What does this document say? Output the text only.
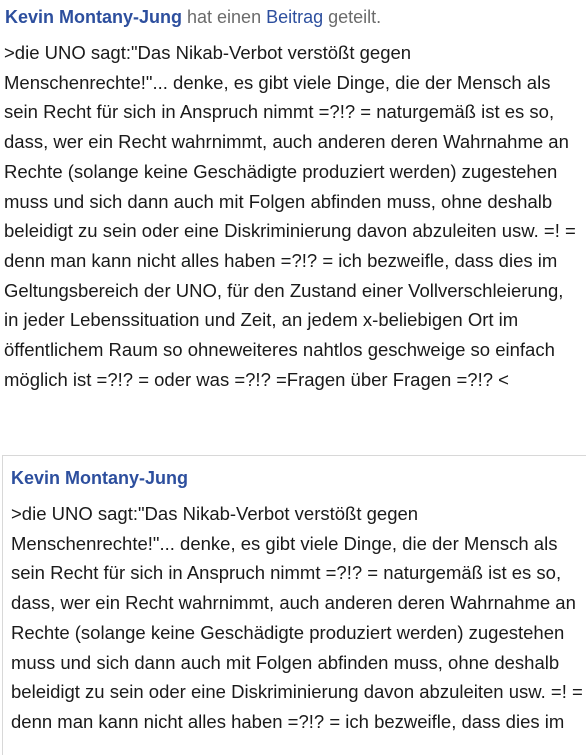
Kevin Montany-Jung hat einen Beitrag geteilt.

>die UNO sagt:"Das Nikab-Verbot verstößt gegen Menschenrechte!"... denke, es gibt viele Dinge, die der Mensch als sein Recht für sich in Anspruch nimmt =?!? = naturgemäß ist es so, dass, wer ein Recht wahrnimmt, auch anderen deren Wahrnahme an Rechte (solange keine Geschädigte produziert werden) zugestehen muss und sich dann auch mit Folgen abfinden muss, ohne deshalb beleidigt zu sein oder eine Diskriminierung davon abzuleiten usw. =! = denn man kann nicht alles haben =?!? = ich bezweifle, dass dies im Geltungsbereich der UNO, für den Zustand einer Vollverschleierung, in jeder Lebenssituation und Zeit, an jedem x-beliebigen Ort im öffentlichem Raum so ohneweiteres nahtlos geschweige so einfach möglich ist =?!? = oder was =?!? =Fragen über Fragen =?!? <

Kevin Montany-Jung

>die UNO sagt:"Das Nikab-Verbot verstößt gegen Menschenrechte!"... denke, es gibt viele Dinge, die der Mensch als sein Recht für sich in Anspruch nimmt =?!? = naturgemäß ist es so, dass, wer ein Recht wahrnimmt, auch anderen deren Wahrnahme an Rechte (solange keine Geschädigte produziert werden) zugestehen muss und sich dann auch mit Folgen abfinden muss, ohne deshalb beleidigt zu sein oder eine Diskriminierung davon abzuleiten usw. =! = denn man kann nicht alles haben =?!? = ich bezweifle, dass dies im
